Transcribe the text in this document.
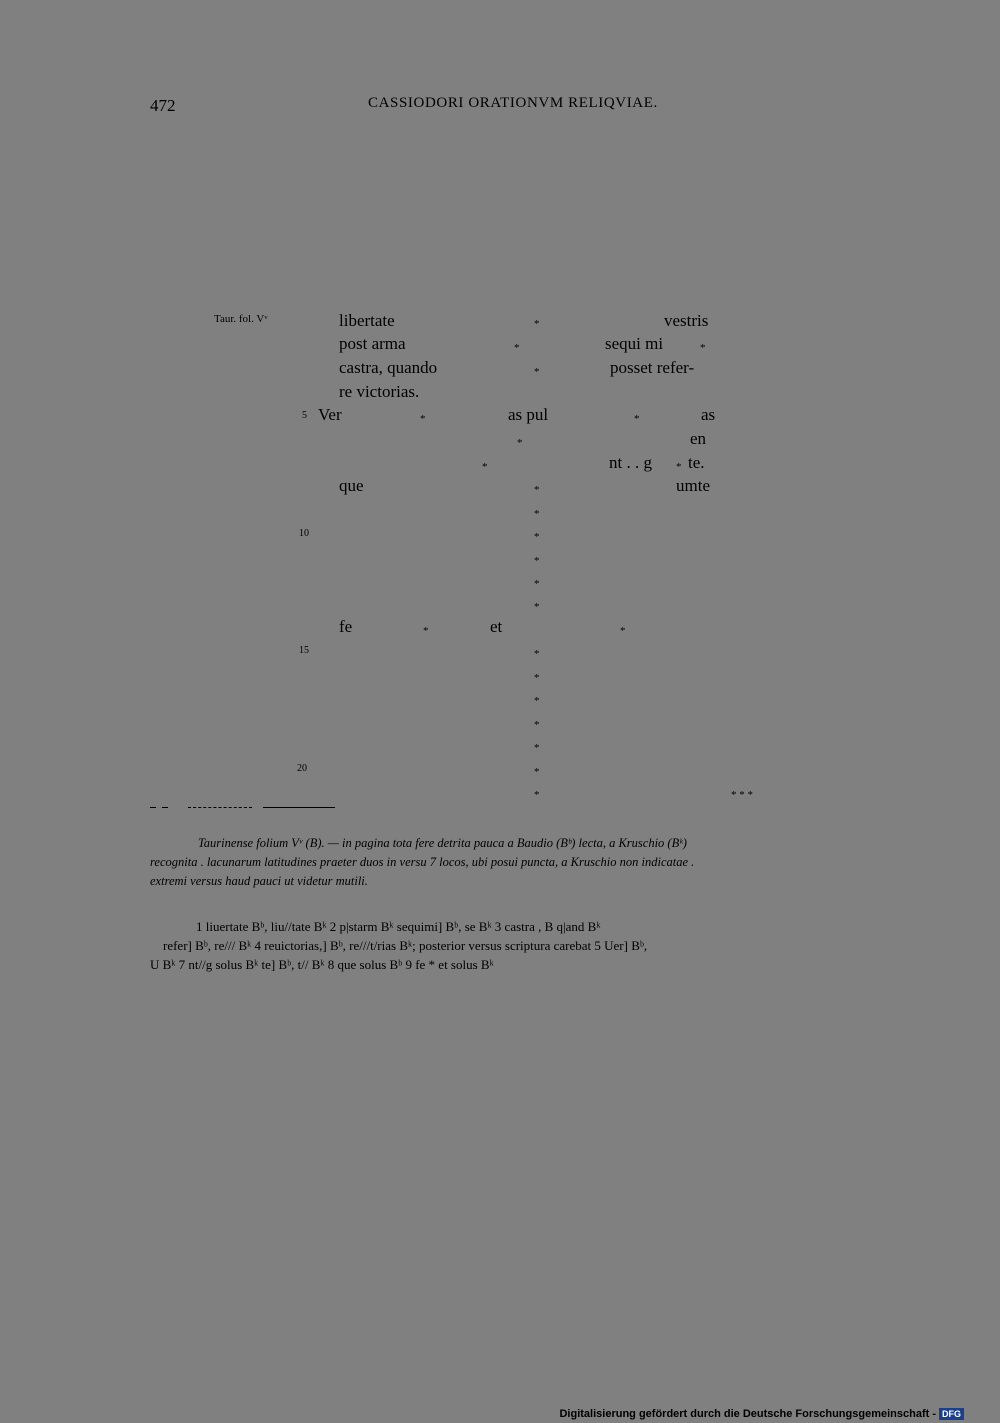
472	CASSIODORI ORATIONVM RELIQVIAE.
Taur. fol. Vᵛ	libertate	vestris
post arma	sequi mi
castra, quando	posset refer-
re victorias.
5 Ver	as pul	as
en
nt . . g te.
que	umte
10
fe	et
15
20
*
*
*
*
*	*
*
*	*
*
*
*
*
*
*
*	*
*
*
*
*
*
*
*	* * *
Taurinense folium Vᵛ (B). — in pagina tota fere detrita pauca a Baudio (Bᵇ) lecta, a Kruschio (Bᵏ)
recognita . lacunarum latitudines praeter duos in versu 7 locos, ubi posui puncta, a Kruschio non indicatae .
extremi versus haud pauci ut videtur mutili.
1 liuertate Bᵇ, liu//tate Bᵏ 2 p|starm Bᵏ sequimi] Bᵇ, se Bᵏ 3 castra , B q|and Bᵏ
refer] Bᵇ, re/// Bᵏ 4 reuictorias,] Bᵇ, re///t/rias Bᵏ; posterior versus scriptura carebat 5 Uer] Bᵇ,
U Bᵏ 7 nt//g solus Bᵏ te] Bᵇ, t// Bᵏ 8 que solus Bᵇ 9 fe * et solus Bᵏ
Digitalisierung gefördert durch die Deutsche Forschungsgemeinschaft - DFG
